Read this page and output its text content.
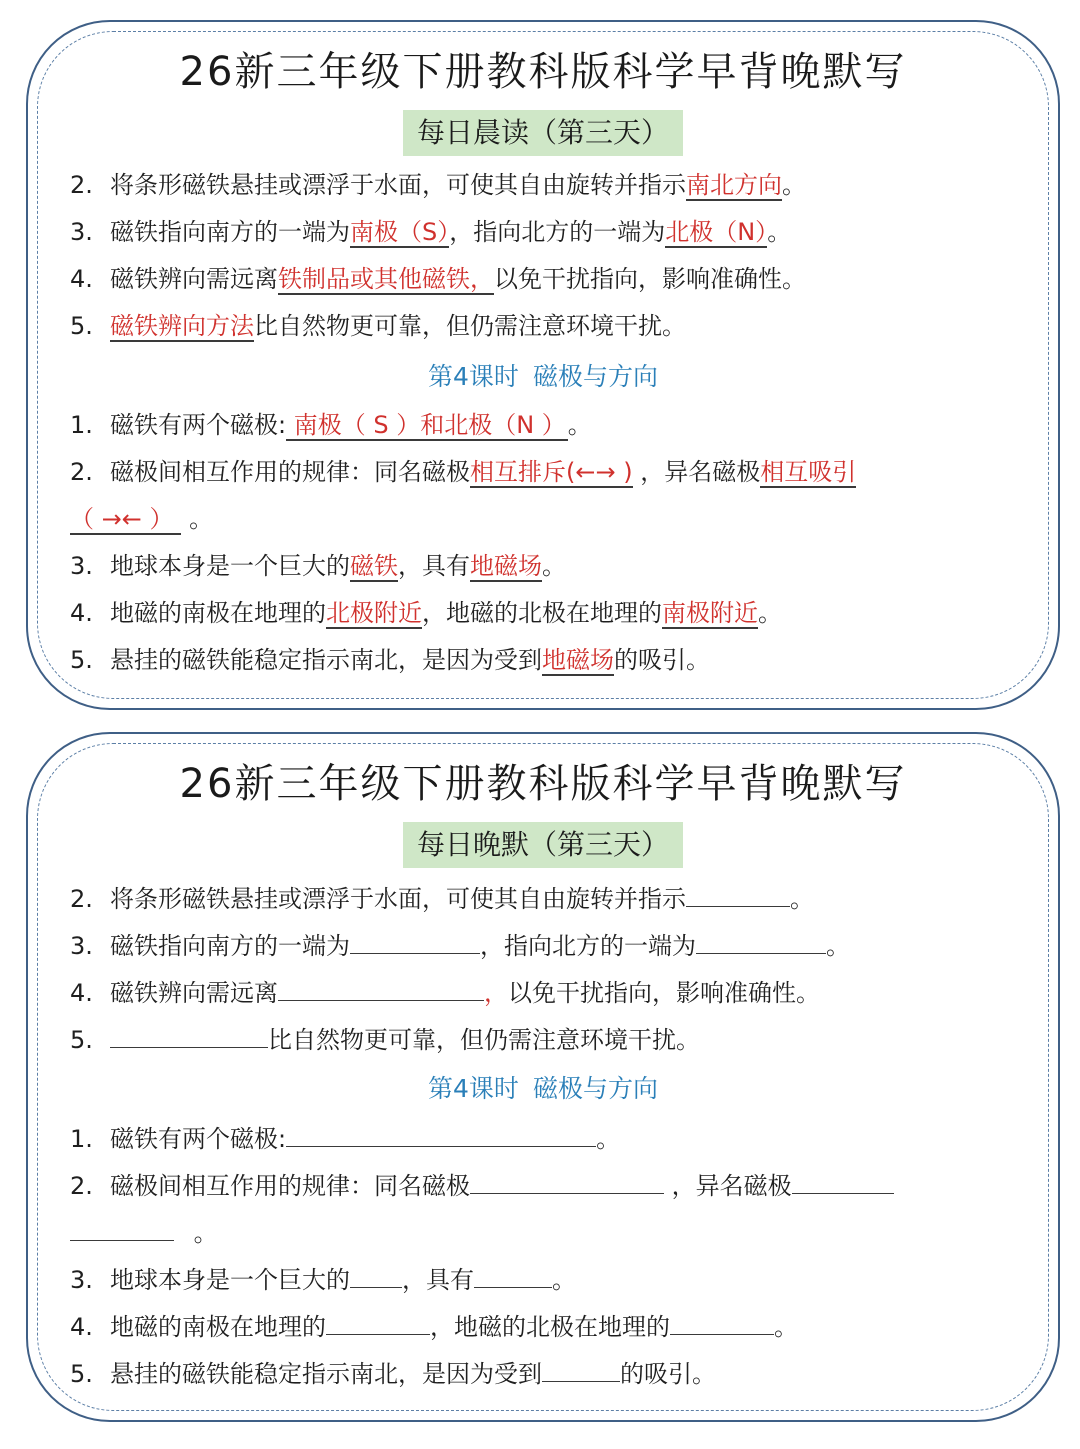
26新三年级下册教科版科学早背晚默写
每日晨读（第三天）
2. 将条形磁铁悬挂或漂浮于水面，可使其自由旋转并指示南北方向。
3. 磁铁指向南方的一端为南极（S），指向北方的一端为北极（N）。
4. 磁铁辨向需远离铁制品或其他磁铁，以免干扰指向，影响准确性。
5. 磁铁辨向方法比自然物更可靠，但仍需注意环境干扰。
第4课时 磁极与方向
1. 磁铁有两个磁极: 南极（ S ）和北极（N ） 。
2. 磁极间相互作用的规律：同名磁极相互排斥(←→ ) ，异名磁极相互吸引
（ →← ） 。
3. 地球本身是一个巨大的磁铁，具有地磁场。
4. 地磁的南极在地理的北极附近，地磁的北极在地理的南极附近。
5. 悬挂的磁铁能稳定指示南北，是因为受到地磁场的吸引。
26新三年级下册教科版科学早背晚默写
每日晚默（第三天）
2. 将条形磁铁悬挂或漂浮于水面，可使其自由旋转并指示	。
3. 磁铁指向南方的一端为	，指向北方的一端为	。
4. 磁铁辨向需远离	，以免干扰指向，影响准确性。
5.	比自然物更可靠，但仍需注意环境干扰。
第4课时 磁极与方向
1. 磁铁有两个磁极:	。
2. 磁极间相互作用的规律：同名磁极	，异名磁极
。
3. 地球本身是一个巨大的 ，具有	。
4. 地磁的南极在地理的	，地磁的北极在地理的	。
5. 悬挂的磁铁能稳定指示南北，是因为受到	的吸引。
